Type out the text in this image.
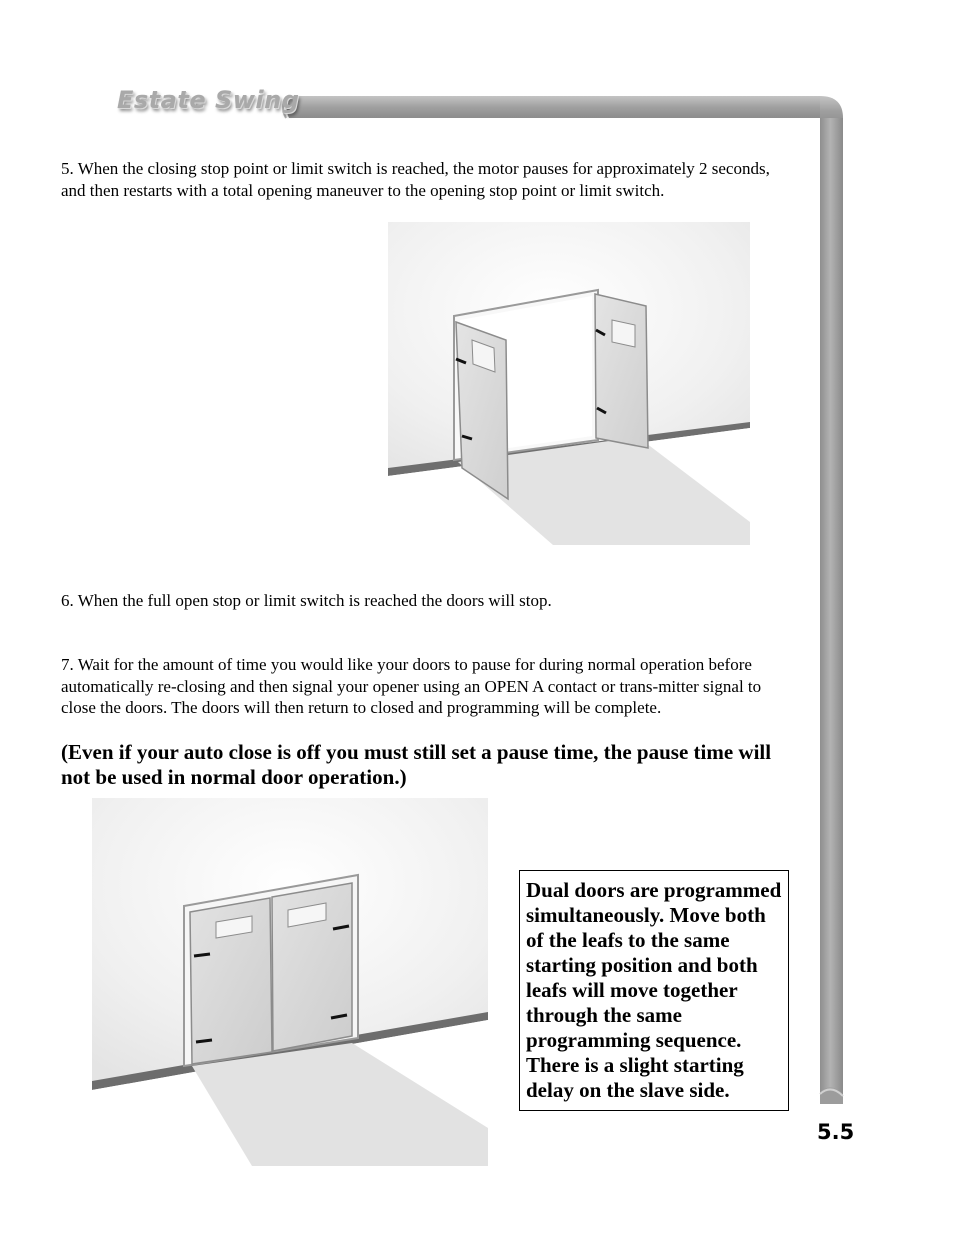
Estate Swing

5. When the closing stop point or limit switch is reached, the motor pauses for approximately 2 seconds, and then restarts with a total opening maneuver to the opening stop point or limit switch.

6. When the full open stop or limit switch is reached the doors will stop.

7. Wait for the amount of time you would like your doors to pause for during normal operation before automatically re-closing and then signal your opener using an OPEN A contact or trans-mitter signal to close the doors. The doors will then return to closed and programming will be complete.

(Even if your auto close is off you must still set a pause time, the pause time will not be used in normal door operation.)

Dual doors are programmed simultaneously. Move both of the leafs to the same starting position and both leafs will move together through the same programming sequence. There is a slight starting delay on the slave side.
5.5
